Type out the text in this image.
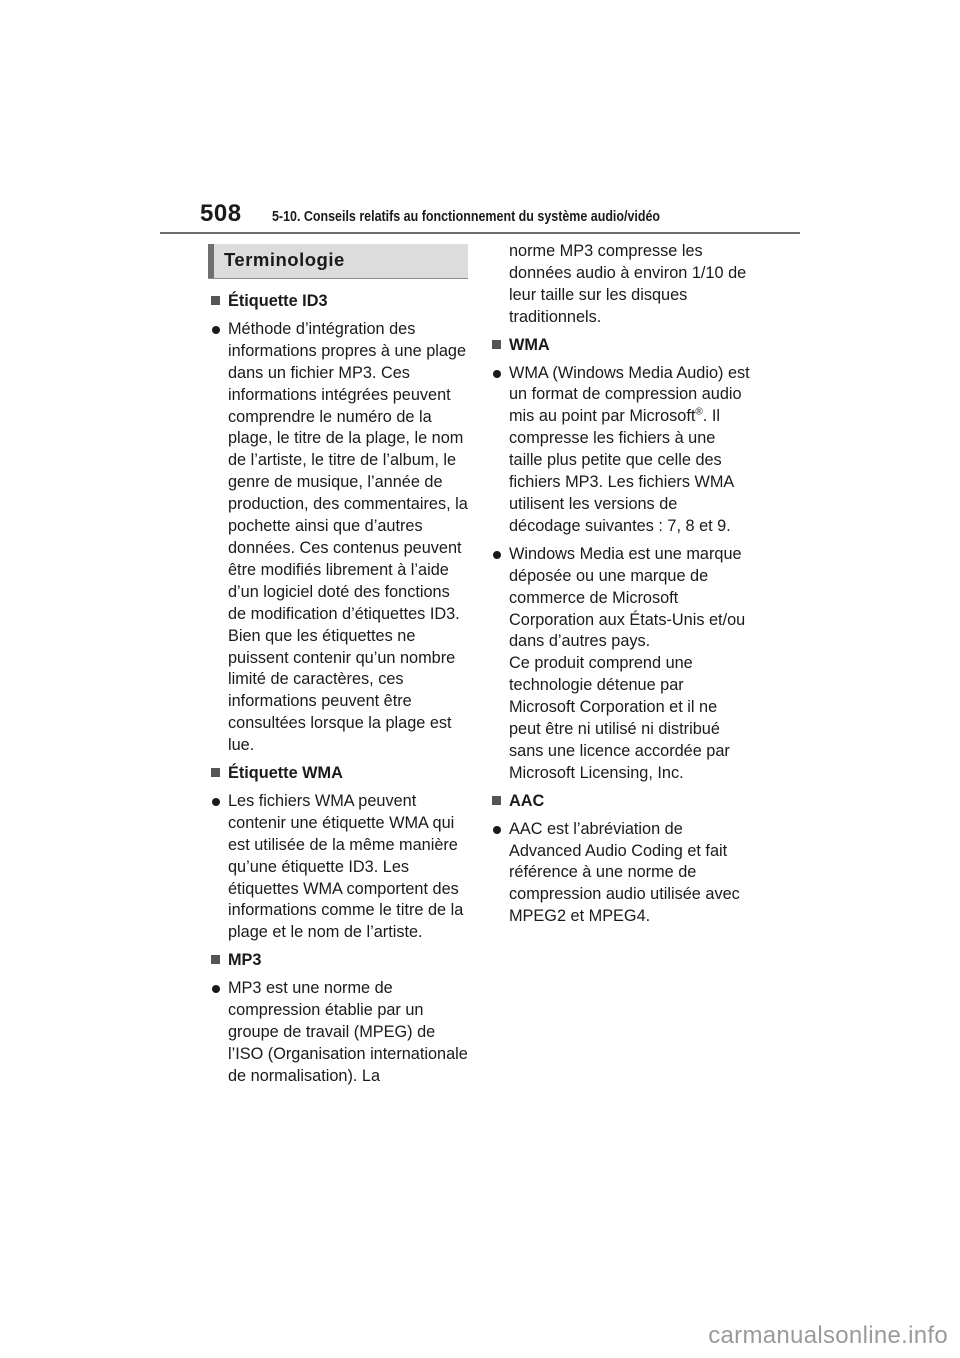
508 5-10. Conseils relatifs au fonctionnement du système audio/vidéo
Terminologie

Étiquette ID3

Méthode d’intégration des informations propres à une plage dans un fichier MP3. Ces informations intégrées peuvent comprendre le numéro de la plage, le titre de la plage, le nom de l’artiste, le titre de l’album, le genre de musique, l’année de production, des commentaires, la pochette ainsi que d’autres données. Ces contenus peuvent être modifiés librement à l’aide d’un logiciel doté des fonctions de modification d’étiquettes ID3. Bien que les étiquettes ne puissent contenir qu’un nombre limité de caractères, ces informations peuvent être consultées lorsque la plage est lue.

Étiquette WMA

Les fichiers WMA peuvent contenir une étiquette WMA qui est utilisée de la même manière qu’une étiquette ID3. Les étiquettes WMA comportent des informations comme le titre de la plage et le nom de l’artiste.

MP3

MP3 est une norme de compression établie par un groupe de travail (MPEG) de l’ISO (Organisation internationale de normalisation). La

norme MP3 compresse les données audio à environ 1/10 de leur taille sur les disques traditionnels.

WMA

WMA (Windows Media Audio) est un format de compression audio mis au point par Microsoft®. Il compresse les fichiers à une taille plus petite que celle des fichiers MP3. Les fichiers WMA utilisent les versions de décodage suivantes : 7, 8 et 9.

Windows Media est une marque déposée ou une marque de commerce de Microsoft Corporation aux États-Unis et/ou dans d’autres pays.
Ce produit comprend une technologie détenue par Microsoft Corporation et il ne peut être ni utilisé ni distribué sans une licence accordée par Microsoft Licensing, Inc.

AAC

AAC est l’abréviation de Advanced Audio Coding et fait référence à une norme de compression audio utilisée avec MPEG2 et MPEG4.

carmanualsonline.info
